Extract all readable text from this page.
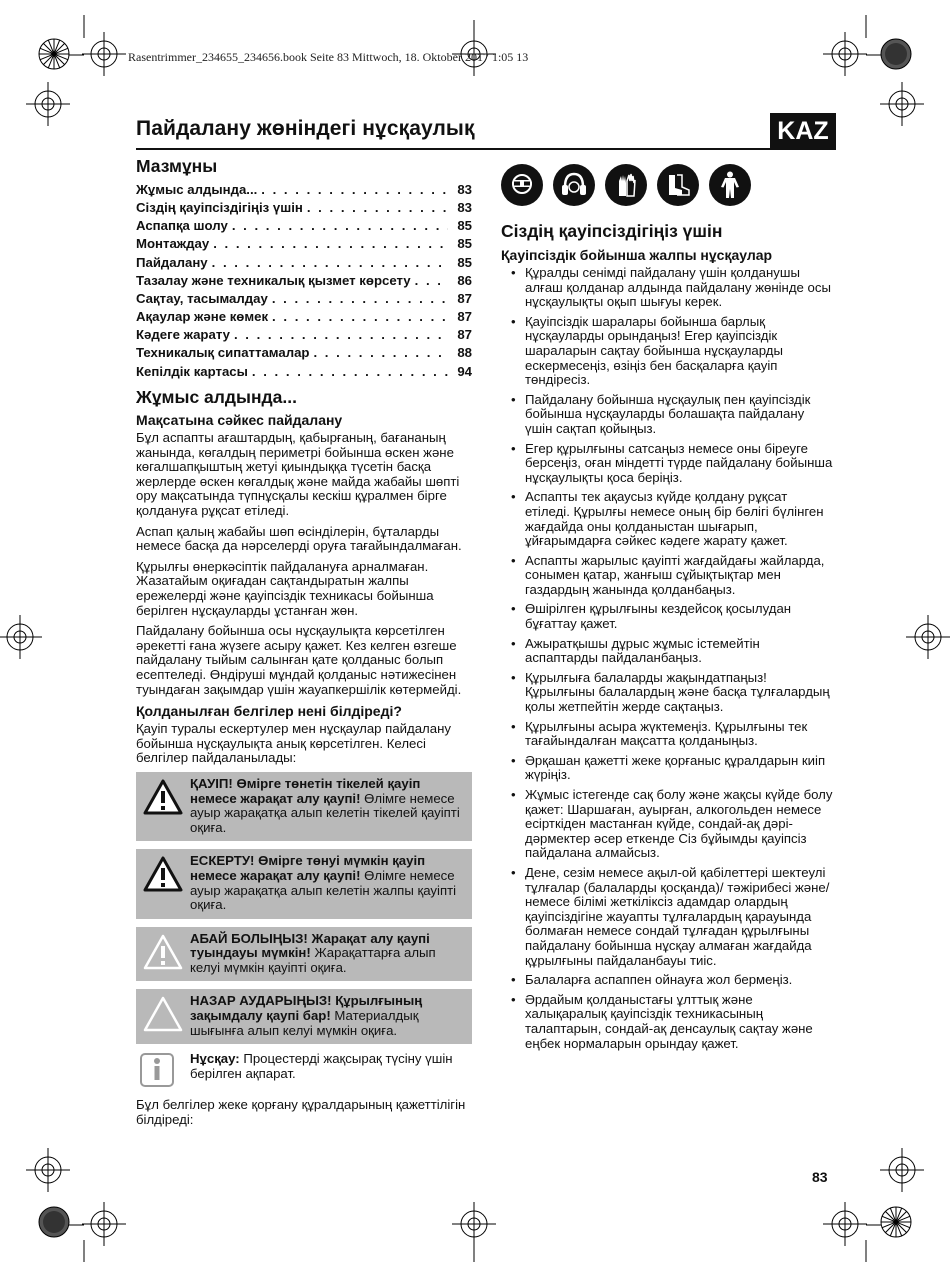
Rasentrimmer_234655_234656.book Seite 83 Mittwoch, 18. Oktober 2017 1:05 13
Пайдалану жөніндегі нұсқаулық	KAZ
Мазмұны
Жұмыс алдында... . . .	83
Сіздің қауіпсіздігіңіз үшін . . .	83
Аспапқа шолу . . .	85
Монтаждау . . .	85
Пайдалану . . .	85
Тазалау және техникалық қызмет көрсету . . .	86
Сақтау, тасымалдау . . .	87
Ақаулар және көмек . . .	87
Кәдеге жарату . . .	87
Техникалық сипаттамалар . . .	88
Кепілдік картасы . . .	94
Жұмыс алдында...
Мақсатына сәйкес пайдалану

Бұл аспапты ағаштардың, қабырғаның, бағананың жанында, көгалдың периметрі бойынша өскен және көгалшапқыштың жетуі қиындыққа түсетін басқа жерлерде өскен көгалдық және майда жабайы шөпті ору мақсатында түпнұсқалы кескіш құралмен бірге қолдануға рұқсат етіледі.

Аспап қалың жабайы шөп өсінділерін, бұталарды немесе басқа да нәрселерді оруға тағайындалмаған.

Құрылғы өнеркәсіптік пайдалануға арналмаған. Жазатайым оқиғадан сақтандыратын жалпы ережелерді және қауіпсіздік техникасы бойынша берілген нұсқауларды ұстанған жөн.

Пайдалану бойынша осы нұсқаулықта көрсетілген әрекетті ғана жүзеге асыру қажет. Кез келген өзгеше пайдалану тыйым салынған қате қолданыс болып есептеледі. Өндіруші мұндай қолданыс нәтижесінен туындаған зақымдар үшін жауапкершілік көтермейді.

Қолданылған белгілер нені білдіреді?

Қауіп туралы ескертулер мен нұсқаулар пайдалану бойынша нұсқаулықта анық көрсетілген. Келесі белгілер пайдаланылады:

ҚАУІП! Өмірге төнетін тікелей қауіп немесе жарақат алу қаупі! Өлімге немесе ауыр жарақатқа алып келетін тікелей қауіпті оқиға.
ЕСКЕРТУ! Өмірге төнуі мүмкін қауіп немесе жарақат алу қаупі! Өлімге немесе ауыр жарақатқа алып келетін жалпы қауіпті оқиға.
АБАЙ БОЛЫҢЫЗ! Жарақат алу қаупі туындауы мүмкін! Жарақаттарға алып келуі мүмкін қауіпті оқиға.
НАЗАР АУДАРЫҢЫЗ! Құрылғының зақымдалу қаупі бар! Материалдық шығынға алып келуі мүмкін оқиға.
Нұсқау: Процестерді жақсырақ түсіну үшін берілген ақпарат.

Бұл белгілер жеке қорғану құралдарының қажеттілігін білдіреді:

Сіздің қауіпсіздігіңіз үшін
Қауіпсіздік бойынша жалпы нұсқаулар
• Құралды сенімді пайдалану үшін қолданушы алғаш қолданар алдында пайдалану жөнінде осы нұсқаулықты оқып шығуы керек.
• Қауіпсіздік шаралары бойынша барлық нұсқауларды орындаңыз! Егер қауіпсіздік шараларын сақтау бойынша нұсқауларды ескермесеңіз, өзіңіз бен басқаларға қауіп төндіресіз.
• Пайдалану бойынша нұсқаулық пен қауіпсіздік бойынша нұсқауларды болашақта пайдалану үшін сақтап қойыңыз.
• Егер құрылғыны сатсаңыз немесе оны біреуге берсеңіз, оған міндетті түрде пайдалану бойынша нұсқаулықты қоса беріңіз.
• Аспапты тек ақаусыз күйде қолдану рұқсат етіледі. Құрылғы немесе оның бір бөлігі бүлінген жағдайда оны қолданыстан шығарып, ұйғарымдарға сәйкес кәдеге жарату қажет.
• Аспапты жарылыс қауіпті жағдайдағы жайларда, сонымен қатар, жанғыш сұйықтықтар мен газдардың жанында қолданбаңыз.
• Өшірілген құрылғыны кездейсоқ қосылудан бұғаттау қажет.
• Ажыратқышы дұрыс жұмыс істемейтін аспаптарды пайдаланбаңыз.
• Құрылғыға балаларды жақындатпаңыз! Құрылғыны балалардың және басқа тұлғалардың қолы жетпейтін жерде сақтаңыз.
• Құрылғыны асыра жүктемеңіз. Құрылғыны тек тағайындалған мақсатта қолданыңыз.
• Әрқашан қажетті жеке қорғаныс құралдарын киіп жүріңіз.
• Жұмыс істегенде сақ болу және жақсы күйде болу қажет: Шаршаған, ауырған, алкогольден немесе есірткіден мастанған күйде, сондай-ақ дәрі-дәрмектер әсер еткенде Сіз бұйымды қауіпсіз пайдалана алмайсыз.
• Дене, сезім немесе ақыл-ой қабілеттері шектеулі тұлғалар (балаларды қосқанда)/ тәжірибесі және/немесе білімі жеткіліксіз адамдар олардың қауіпсіздігіне жауапты тұлғалардың қарауында болмаған немесе сондай тұлғадан құрылғыны пайдалану бойынша нұсқау алмаған жағдайда құрылғыны пайдаланбауы тиіс.
• Балаларға аспаппен ойнауға жол бермеңіз.
• Әрдайым қолданыстағы ұлттық және халықаралық қауіпсіздік техникасының талаптарын, сондай-ақ денсаулық сақтау және еңбек нормаларын орындау қажет.
83
